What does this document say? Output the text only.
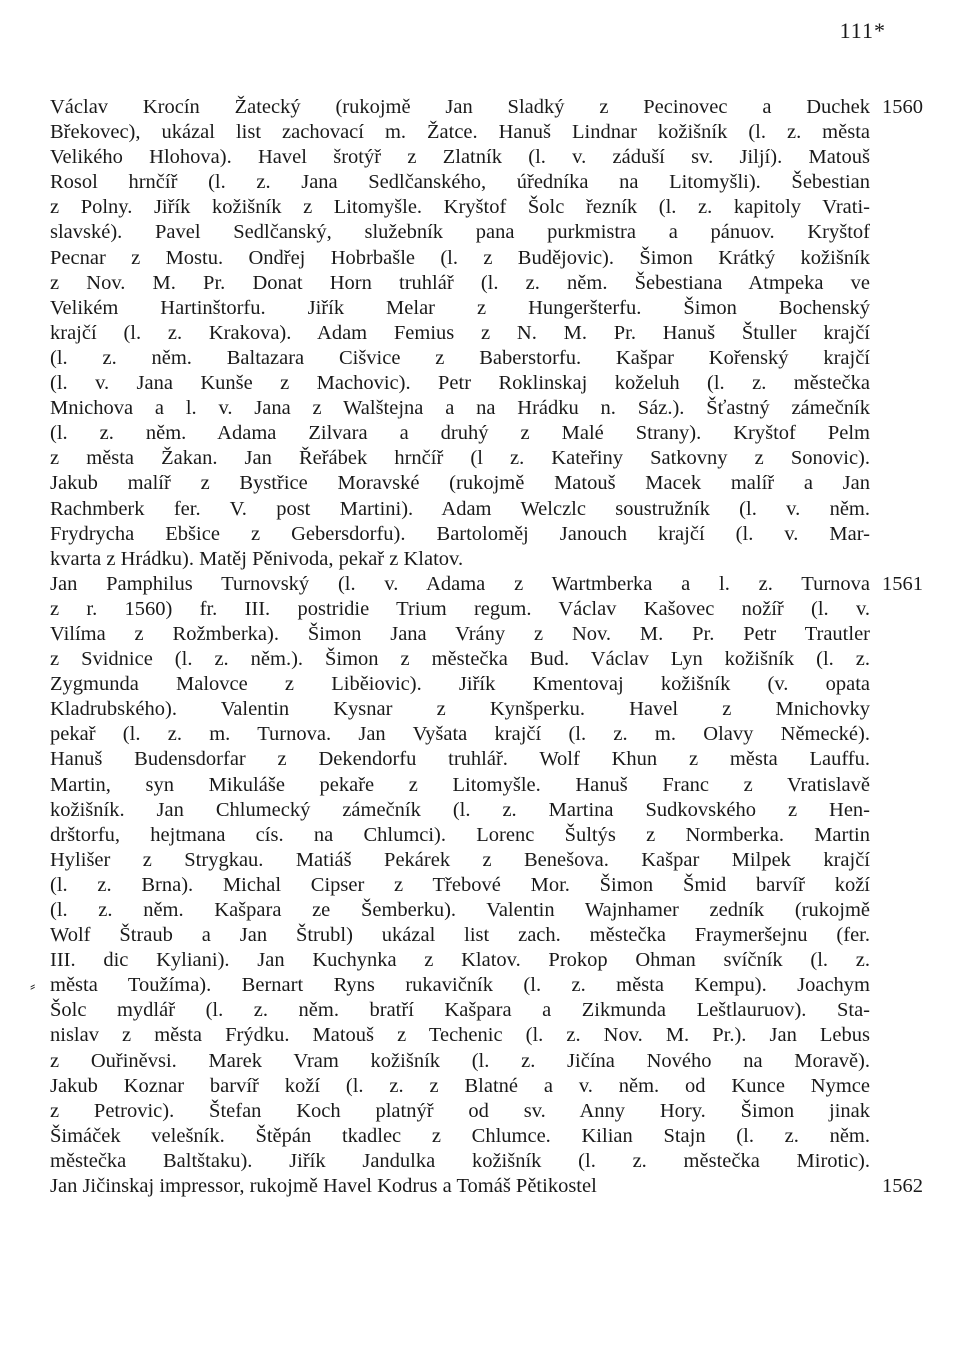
111*
Václav Krocín Žatecký (rukojmě Jan Sladký z Pecinovec a Duchek
Břekovec), ukázal list zachovací m. Žatce. Hanuš Lindnar kožišník (l. z. města
Velikého Hlohova). Havel šrotýř z Zlatník (l. v. záduší sv. Jiljí). Matouš
Rosol hrnčíř (l. z. Jana Sedlčanského, úředníka na Litomyšli). Šebestian
z Polny. Jiřík kožišník z Litomyšle. Kryštof Šolc řezník (l. z. kapitoly Vrati-
slavské). Pavel Sedlčanský, služebník pana purkmistra a pánuov. Kryštof
Pecnar z Mostu. Ondřej Hobrbašle (l. z Budějovic). Šimon Krátký kožišník
z Nov. M. Pr. Donat Horn truhlář (l. z. něm. Šebestiana Atmpeka ve
Velikém Hartinštorfu. Jiřík Melar z Hungeršterfu. Šimon Bochenský
krajčí (l. z. Krakova). Adam Femius z N. M. Pr. Hanuš Štuller krajčí
(l. z. něm. Baltazara Cišvice z Baberstorfu. Kašpar Kořenský krajčí
(l. v. Jana Kunše z Machovic). Petr Roklinskaj koželuh (l. z. městečka
Mnichova a l. v. Jana z Walštejna a na Hrádku n. Sáz.). Šťastný zámečník
(l. z. něm. Adama Zilvara a druhý z Malé Strany). Kryštof Pelm
z města Žakan. Jan Řeřábek hrnčíř (l z. Kateřiny Satkovny z Sonovic).
Jakub malíř z Bystřice Moravské (rukojmě Matouš Macek malíř a Jan
Rachmberk fer. V. post Martini). Adam Welczlc soustružník (l. v. něm.
Frydrycha Ebšice z Gebersdorfu). Bartoloměj Janouch krajčí (l. v. Mar-
kvarta z Hrádku). Matěj Pěnivoda, pekař z Klatov.
Jan Pamphilus Turnovský (l. v. Adama z Wartmberka a l. z. Turnova
z r. 1560) fr. III. postridie Trium regum. Václav Kašovec nožíř (l. v.
Vilíma z Rožmberka). Šimon Jana Vrány z Nov. M. Pr. Petr Trautler
z Svidnice (l. z. něm.). Šimon z městečka Bud. Václav Lyn kožišník (l. z.
Zygmunda Malovce z Liběiovic). Jiřík Kmentovaj kožišník (v. opata
Kladrubského). Valentin Kysnar z Kynšperku. Havel z Mnichovky
pekař (l. z. m. Turnova. Jan Vyšata krajčí (l. z. m. Olavy Německé).
Hanuš Budensdorfar z Dekendorfu truhlář. Wolf Khun z města Lauffu.
Martin, syn Mikuláše pekaře z Litomyšle. Hanuš Franc z Vratislavě
kožišník. Jan Chlumecký zámečník (l. z. Martina Sudkovského z Hen-
drštorfu, hejtmana cís. na Chlumci). Lorenc Šultýs z Normberka. Martin
Hylišer z Strygkau. Matiáš Pekárek z Benešova. Kašpar Milpek krajčí
(l. z. Brna). Michal Cipser z Třebové Mor. Šimon Šmid barvíř koží
(l. z. něm. Kašpara ze Šemberku). Valentin Wajnhamer zedník (rukojmě
Wolf Štraub a Jan Štrubl) ukázal list zach. městečka Fraymeršejnu (fer.
III. dic Kyliani). Jan Kuchynka z Klatov. Prokop Ohman svíčník (l. z.
města Toužíma). Bernart Ryns rukavičník (l. z. města Kempu). Joachym
Šolc mydlář (l. z. něm. bratří Kašpara a Zikmunda Leštlauruov). Sta-
nislav z města Frýdku. Matouš z Techenic (l. z. Nov. M. Pr.). Jan Lebus
z Ouřiněvsi. Marek Vram kožišník (l. z. Jičína Nového na Moravě).
Jakub Koznar barvíř koží (l. z. z Blatné a v. něm. od Kunce Nymce
z Petrovic). Štefan Koch platnýř od sv. Anny Hory. Šimon jinak
Šimáček velešník. Štěpán tkadlec z Chlumce. Kilian Stajn (l. z. něm.
městečka Baltštaku). Jiřík Jandulka kožišník (l. z. městečka Mirotic).
Jan Jičinskaj impressor, rukojmě Havel Kodrus a Tomáš Pětikostel
1560
1561
1562
⸗
